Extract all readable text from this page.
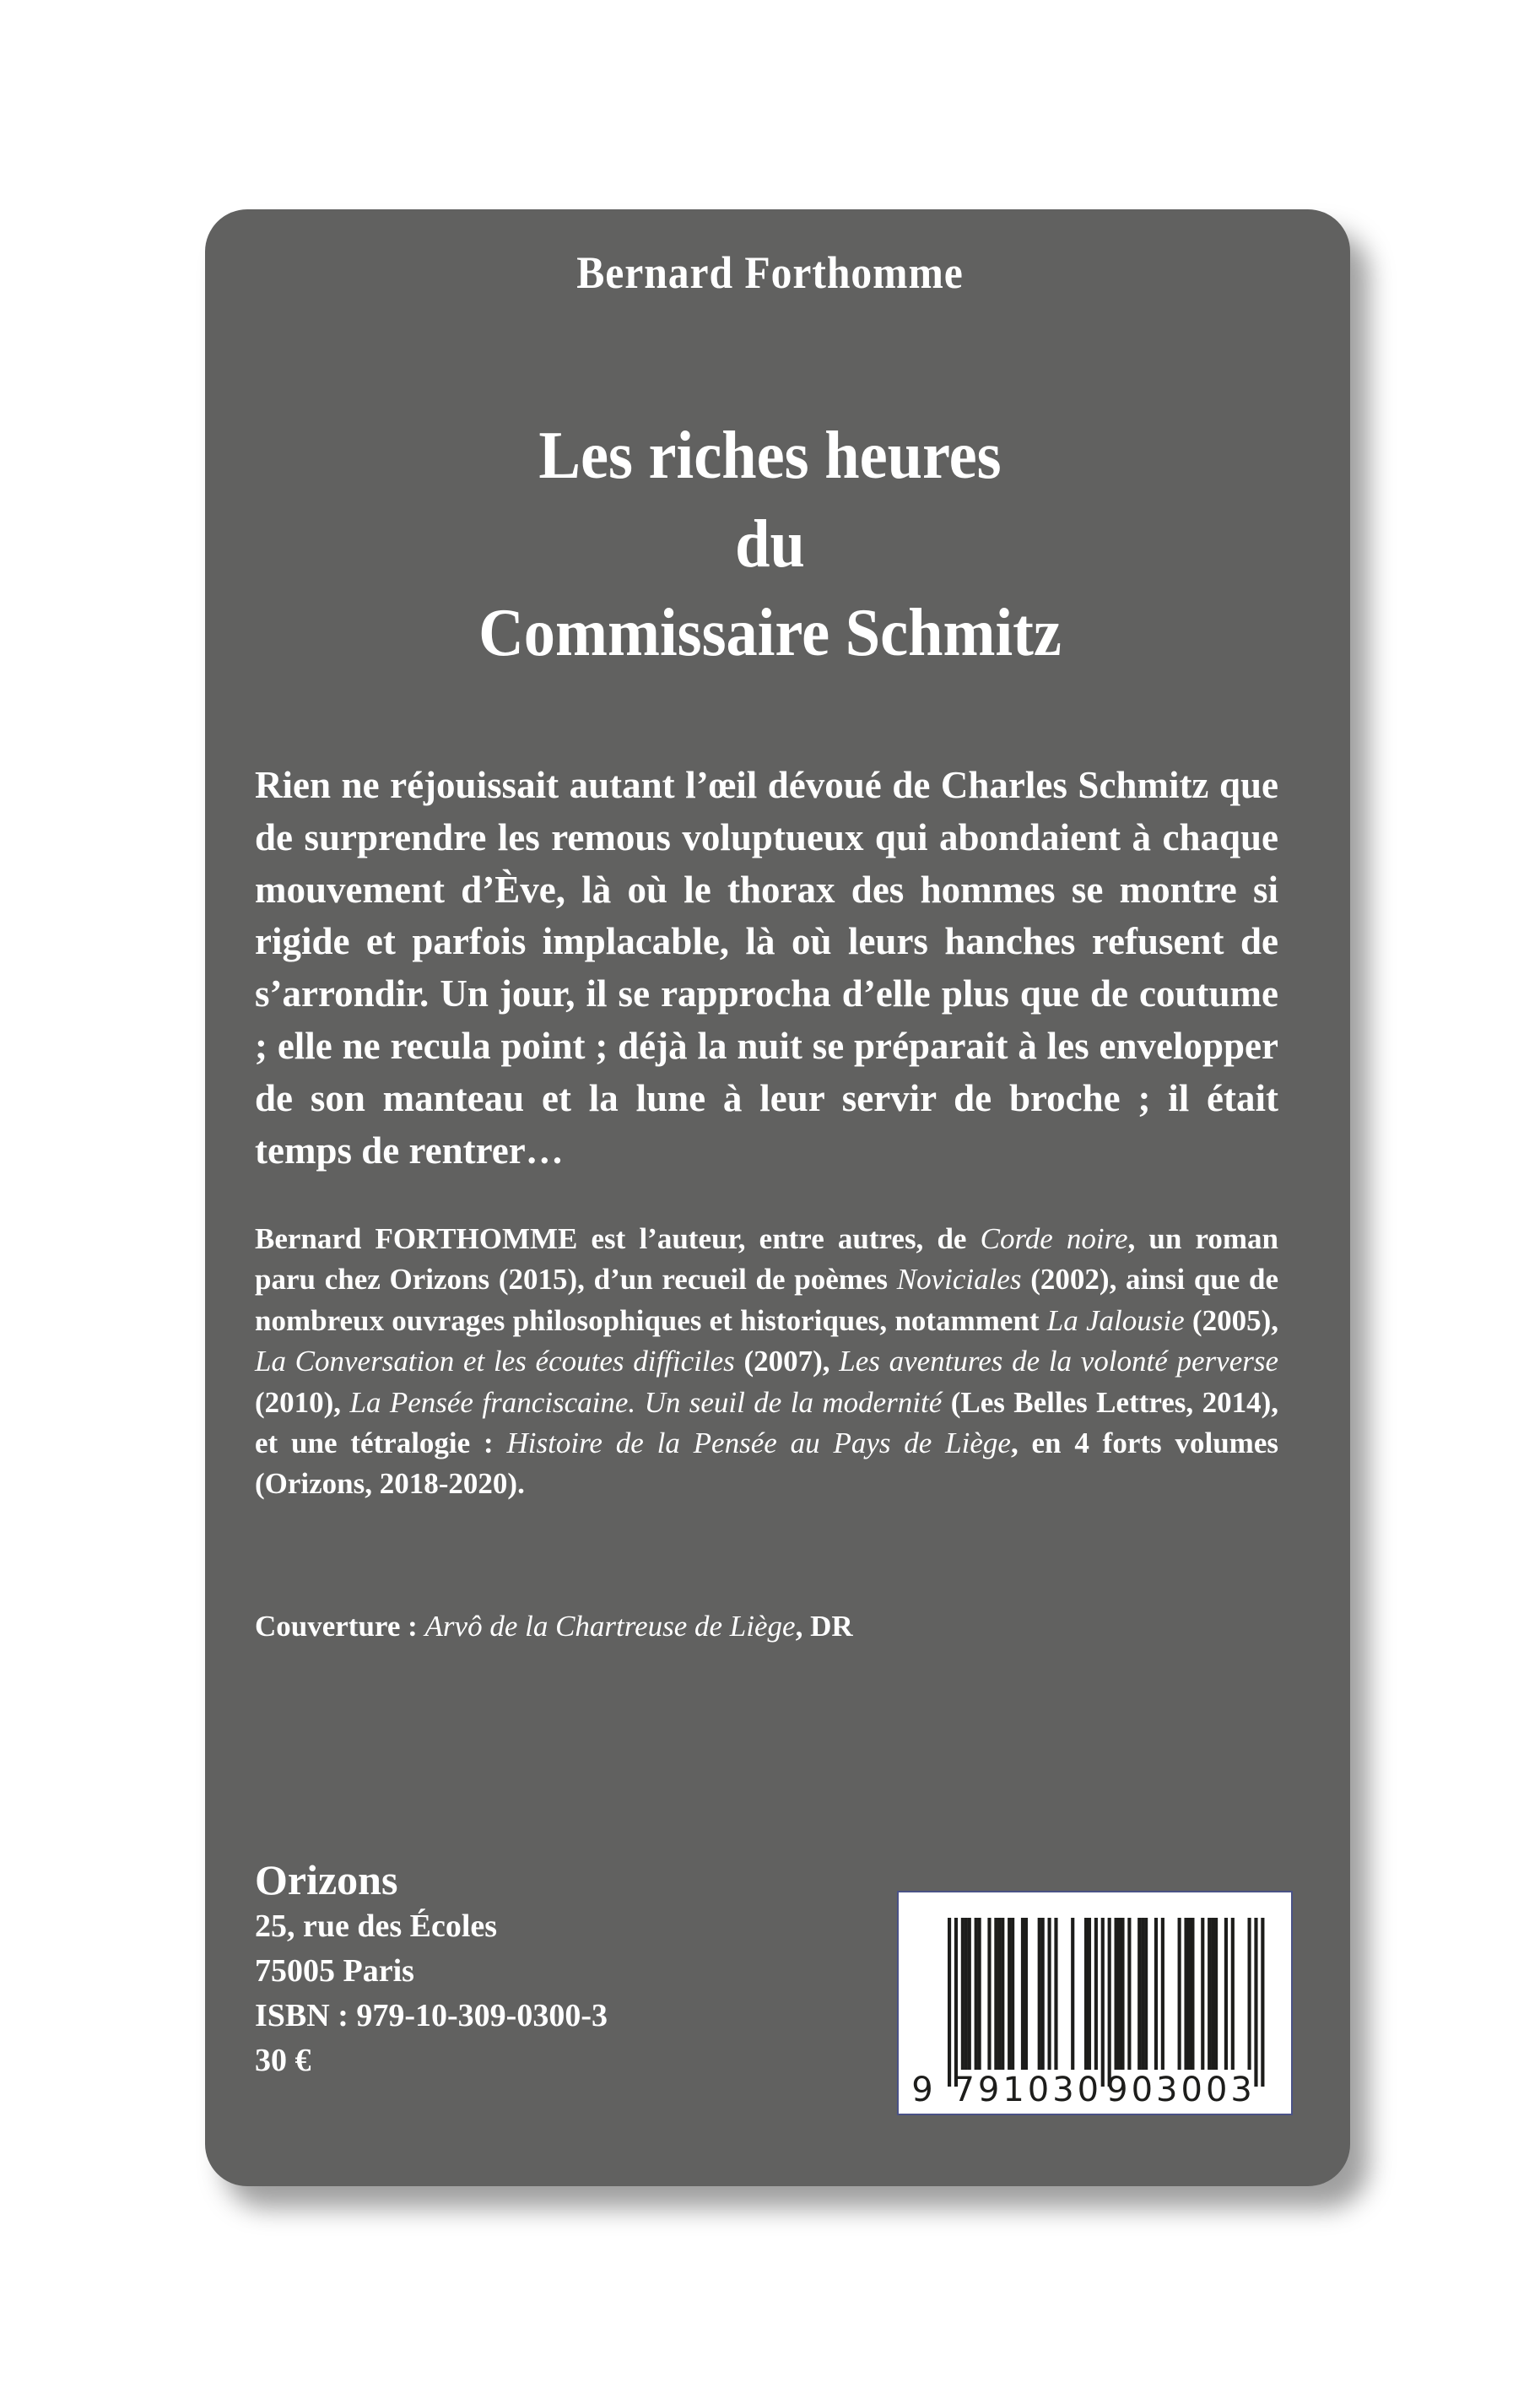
Bernard Forthomme
Les riches heures
du
Commissaire Schmitz
Rien ne réjouissait autant l’œil dévoué de Charles Schmitz que de surprendre les remous voluptueux qui abondaient à chaque mouvement d’Ève, là où le thorax des hommes se montre si rigide et parfois implacable, là où leurs hanches refusent de s’arrondir. Un jour, il se rapprocha d’elle plus que de coutume ; elle ne recula point ; déjà la nuit se préparait à les envelopper de son manteau et la lune à leur servir de broche ; il était temps de rentrer…
Bernard FORTHOMME est l’auteur, entre autres, de Corde noire, un roman paru chez Orizons (2015), d’un recueil de poèmes Noviciales (2002), ainsi que de nombreux ouvrages philosophiques et historiques, notamment La Jalousie (2005), La Conversation et les écoutes difficiles (2007), Les aventures de la volonté perverse (2010), La Pensée franciscaine. Un seuil de la modernité (Les Belles Lettres, 2014), et une tétralogie : Histoire de la Pensée au Pays de Liège, en 4 forts volumes (Orizons, 2018-2020).
Couverture : Arvô de la Chartreuse de Liège, DR
Orizons
25, rue des Écoles
75005 Paris
ISBN : 979-10-309-0300-3
30 €
9 791030 903003
